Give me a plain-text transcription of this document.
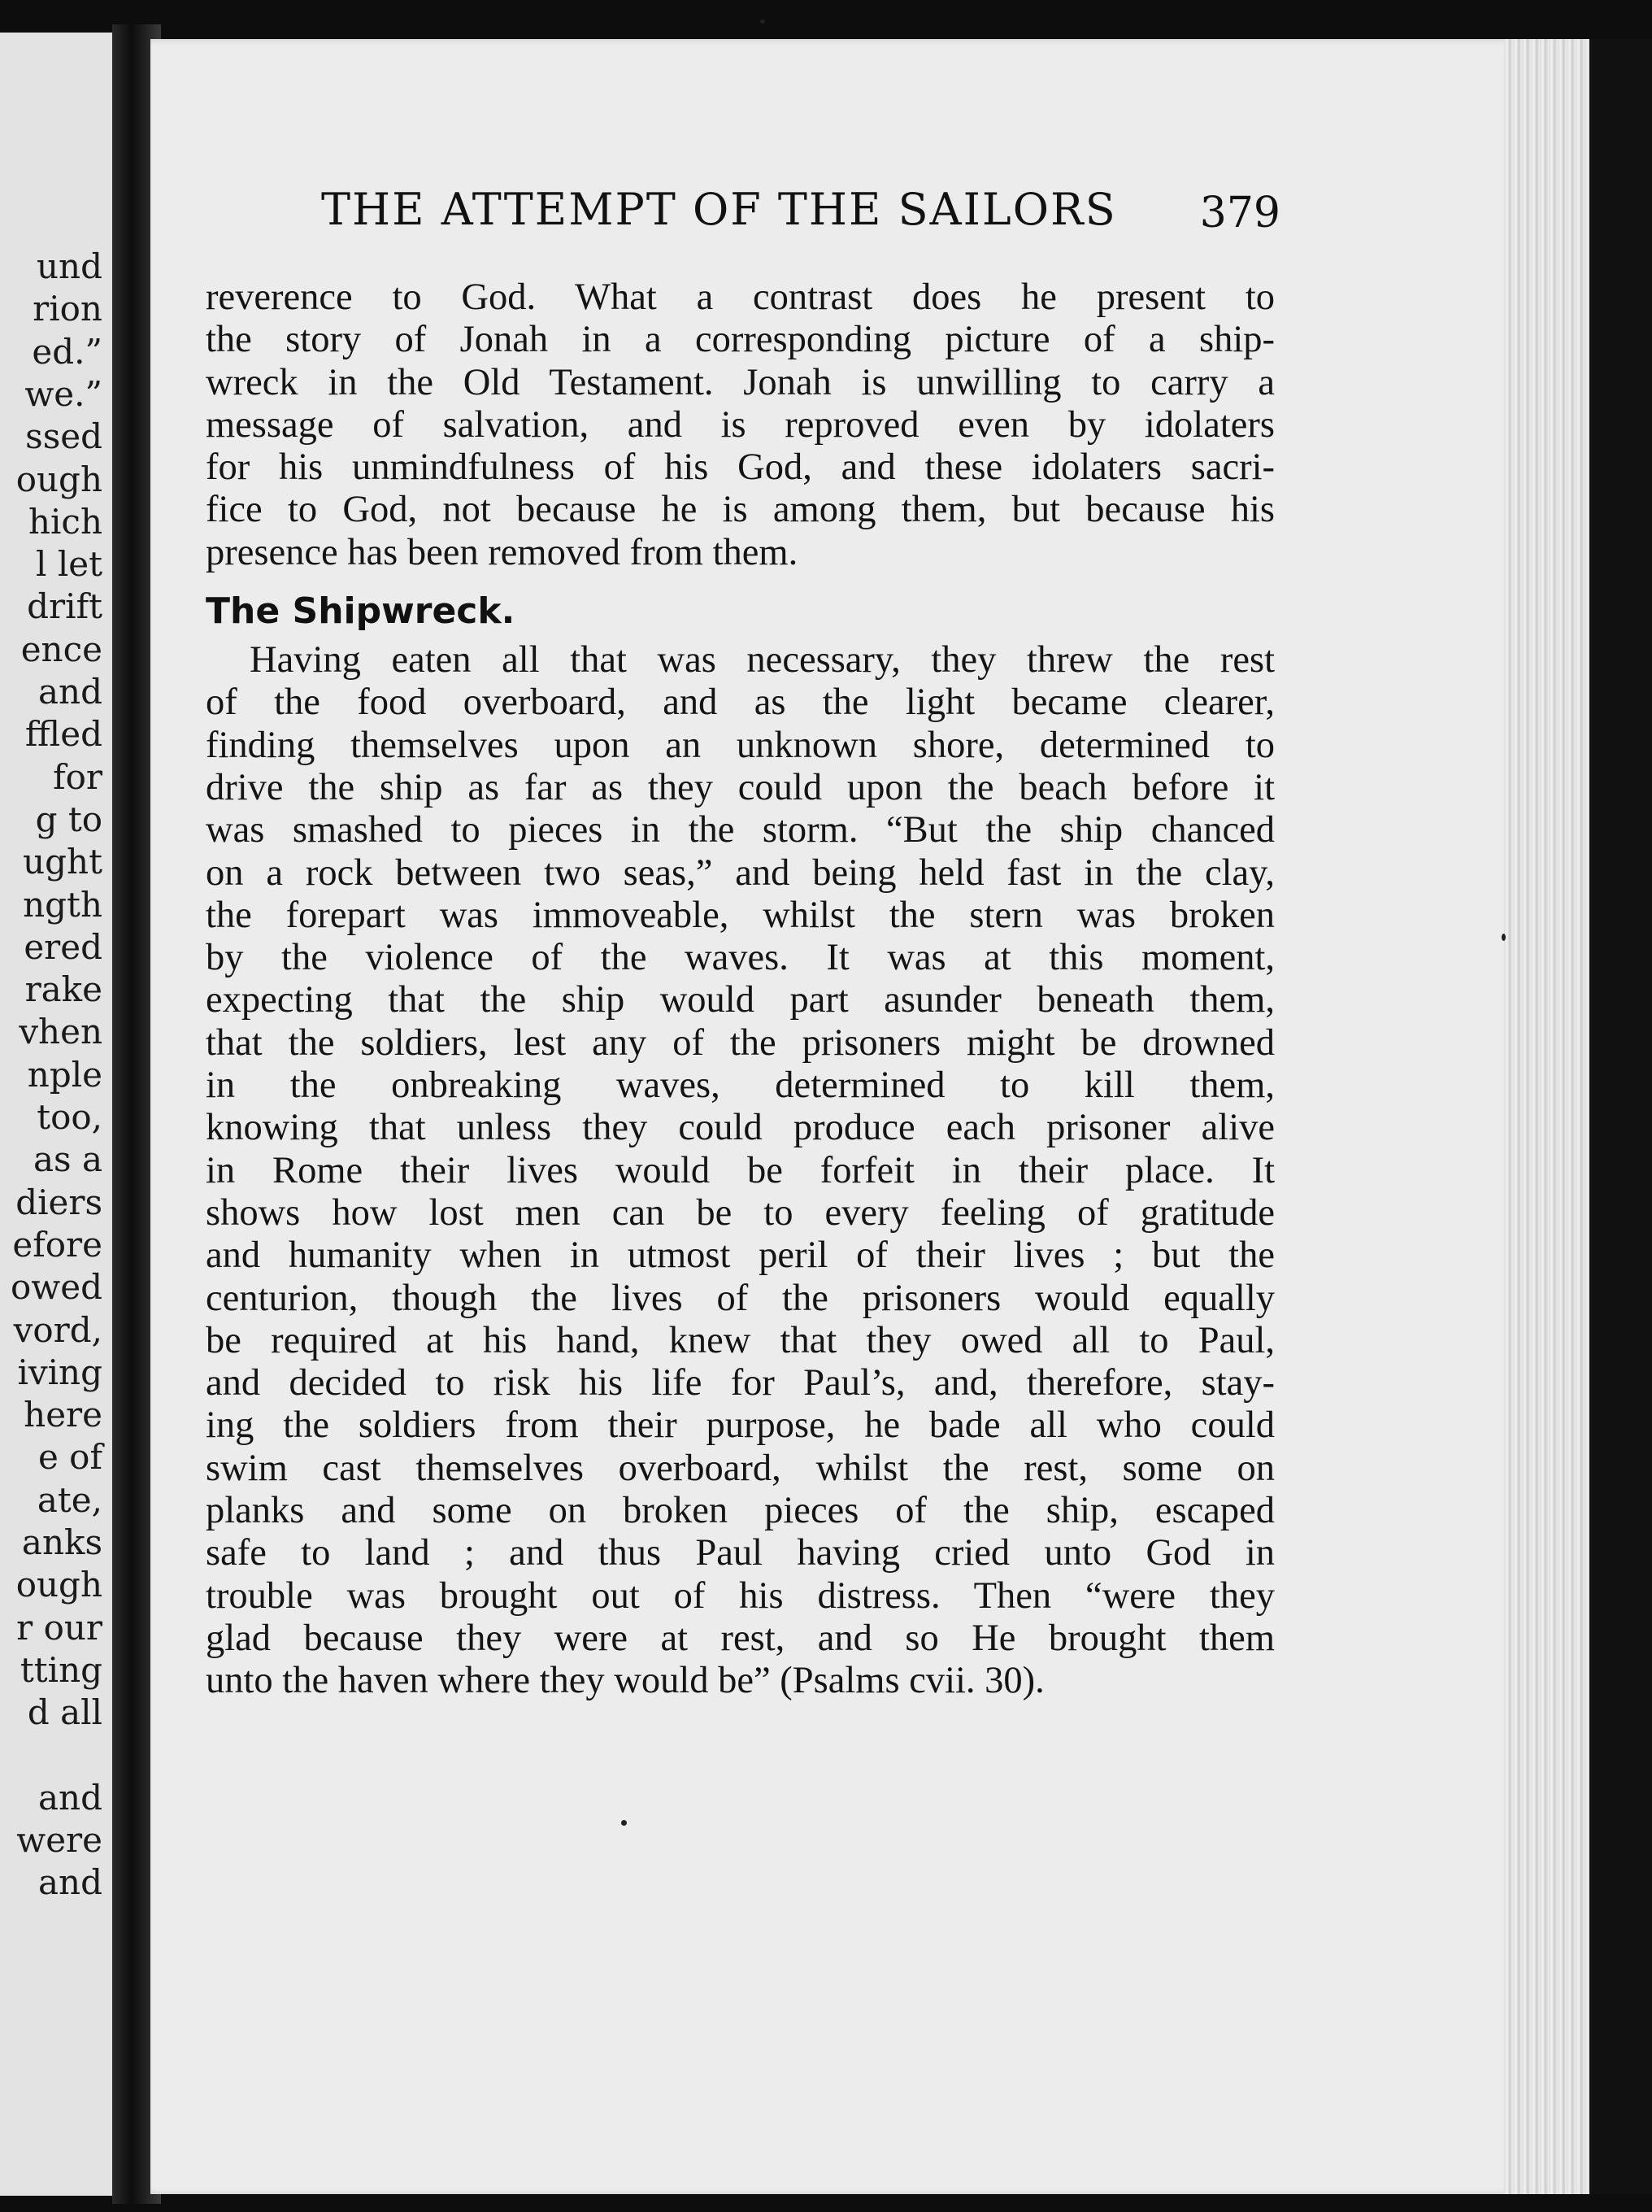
und
rion
ed.”
we.”
ssed
ough
hich
l let
drift
ence
and
ffled
for
g to
ught
ngth
ered
rake
vhen
nple
too,
as a
diers
efore
owed
vord,
iving
here
e of
ate,
anks
ough
r our
tting
d all
and
were
and
THE ATTEMPT OF THE SAILORS 379
reverence to God. What a contrast does he present to
the story of Jonah in a corresponding picture of a ship-
wreck in the Old Testament. Jonah is unwilling to carry a
message of salvation, and is reproved even by idolaters
for his unmindfulness of his God, and these idolaters sacri-
fice to God, not because he is among them, but because his
presence has been removed from them.
The Shipwreck.
Having eaten all that was necessary, they threw the rest
of the food overboard, and as the light became clearer,
finding themselves upon an unknown shore, determined to
drive the ship as far as they could upon the beach before it
was smashed to pieces in the storm. “But the ship chanced
on a rock between two seas,” and being held fast in the clay,
the forepart was immoveable, whilst the stern was broken
by the violence of the waves. It was at this moment,
expecting that the ship would part asunder beneath them,
that the soldiers, lest any of the prisoners might be drowned
in the onbreaking waves, determined to kill them,
knowing that unless they could produce each prisoner alive
in Rome their lives would be forfeit in their place. It
shows how lost men can be to every feeling of gratitude
and humanity when in utmost peril of their lives ; but the
centurion, though the lives of the prisoners would equally
be required at his hand, knew that they owed all to Paul,
and decided to risk his life for Paul’s, and, therefore, stay-
ing the soldiers from their purpose, he bade all who could
swim cast themselves overboard, whilst the rest, some on
planks and some on broken pieces of the ship, escaped
safe to land ; and thus Paul having cried unto God in
trouble was brought out of his distress. Then “were they
glad because they were at rest, and so He brought them
unto the haven where they would be” (Psalms cvii. 30).
